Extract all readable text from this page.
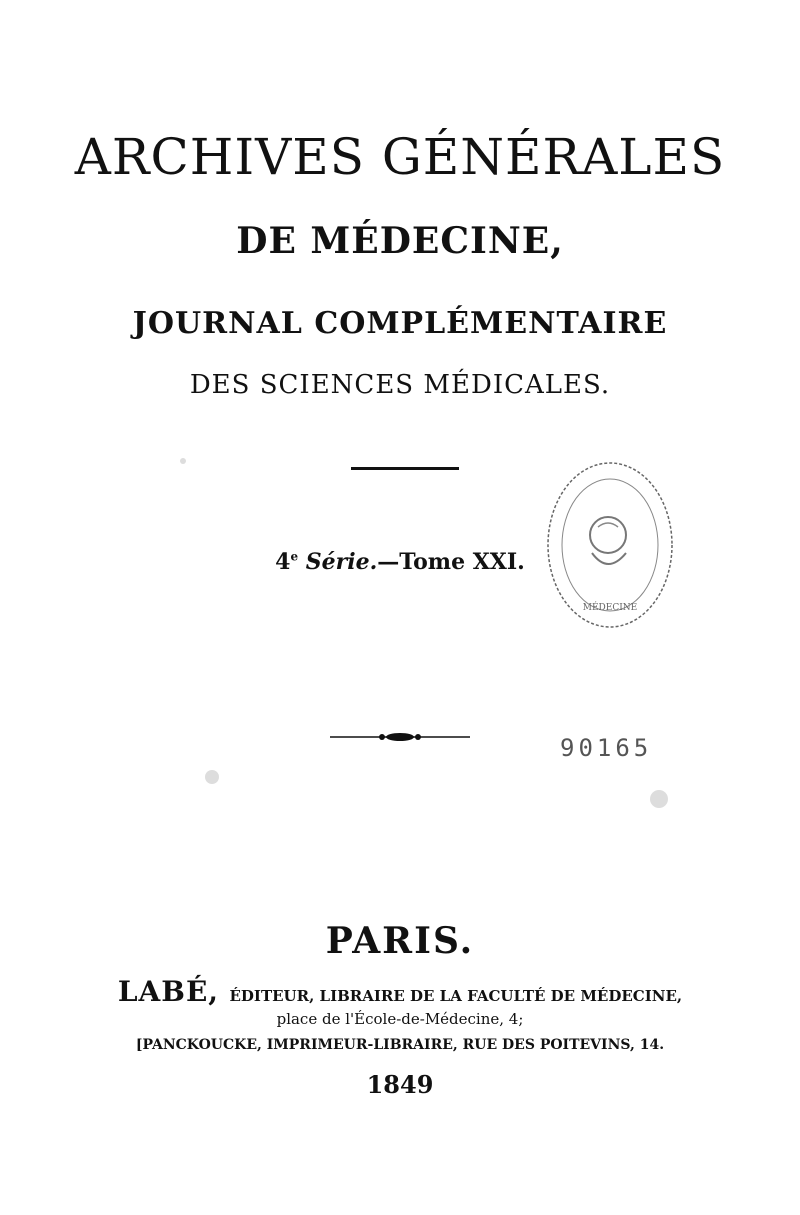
ARCHIVES GÉNÉRALES
DE MÉDECINE,
JOURNAL COMPLÉMENTAIRE
DES SCIENCES MÉDICALES.
4e Série.—Tome XXI.
MÉDECINE
90165
PARIS.
LABÉ, ÉDITEUR, LIBRAIRE DE LA FACULTÉ DE MÉDECINE,
place de l'École-de-Médecine, 4;
[PANCKOUCKE, IMPRIMEUR-LIBRAIRE, RUE DES POITEVINS, 14.
1849
